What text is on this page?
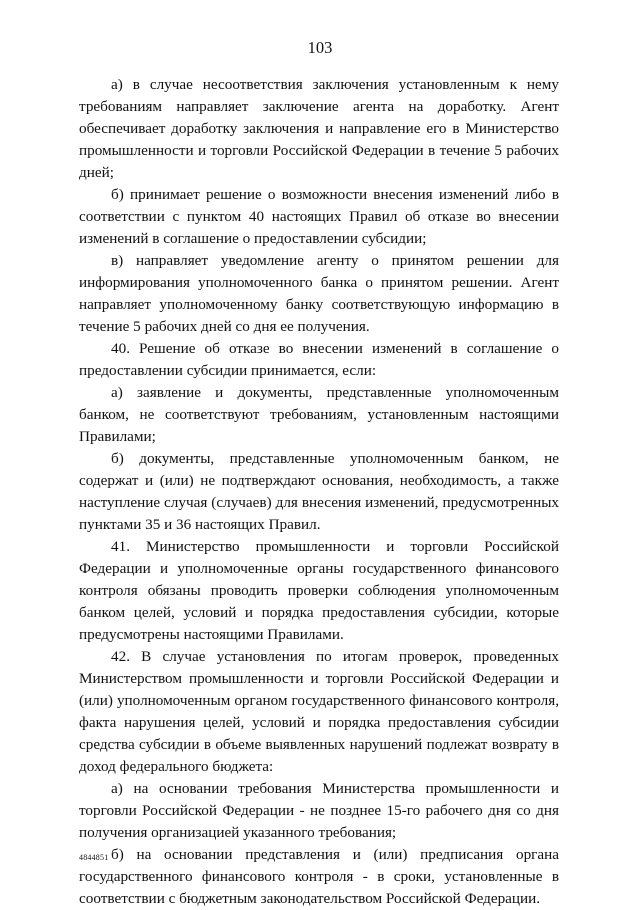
103

а) в случае несоответствия заключения установленным к нему требованиям направляет заключение агента на доработку. Агент обеспечивает доработку заключения и направление его в Министерство промышленности и торговли Российской Федерации в течение 5 рабочих дней;

б) принимает решение о возможности внесения изменений либо в соответствии с пунктом 40 настоящих Правил об отказе во внесении изменений в соглашение о предоставлении субсидии;

в) направляет уведомление агенту о принятом решении для информирования уполномоченного банка о принятом решении. Агент направляет уполномоченному банку соответствующую информацию в течение 5 рабочих дней со дня ее получения.

40. Решение об отказе во внесении изменений в соглашение о предоставлении субсидии принимается, если:

а) заявление и документы, представленные уполномоченным банком, не соответствуют требованиям, установленным настоящими Правилами;

б) документы, представленные уполномоченным банком, не содержат и (или) не подтверждают основания, необходимость, а также наступление случая (случаев) для внесения изменений, предусмотренных пунктами 35 и 36 настоящих Правил.

41. Министерство промышленности и торговли Российской Федерации и уполномоченные органы государственного финансового контроля обязаны проводить проверки соблюдения уполномоченным банком целей, условий и порядка предоставления субсидии, которые предусмотрены настоящими Правилами.

42. В случае установления по итогам проверок, проведенных Министерством промышленности и торговли Российской Федерации и (или) уполномоченным органом государственного финансового контроля, факта нарушения целей, условий и порядка предоставления субсидии средства субсидии в объеме выявленных нарушений подлежат возврату в доход федерального бюджета:

а) на основании требования Министерства промышленности и торговли Российской Федерации - не позднее 15-го рабочего дня со дня получения организацией указанного требования;

б) на основании представления и (или) предписания органа государственного финансового контроля - в сроки, установленные в соответствии с бюджетным законодательством Российской Федерации.

4844851
